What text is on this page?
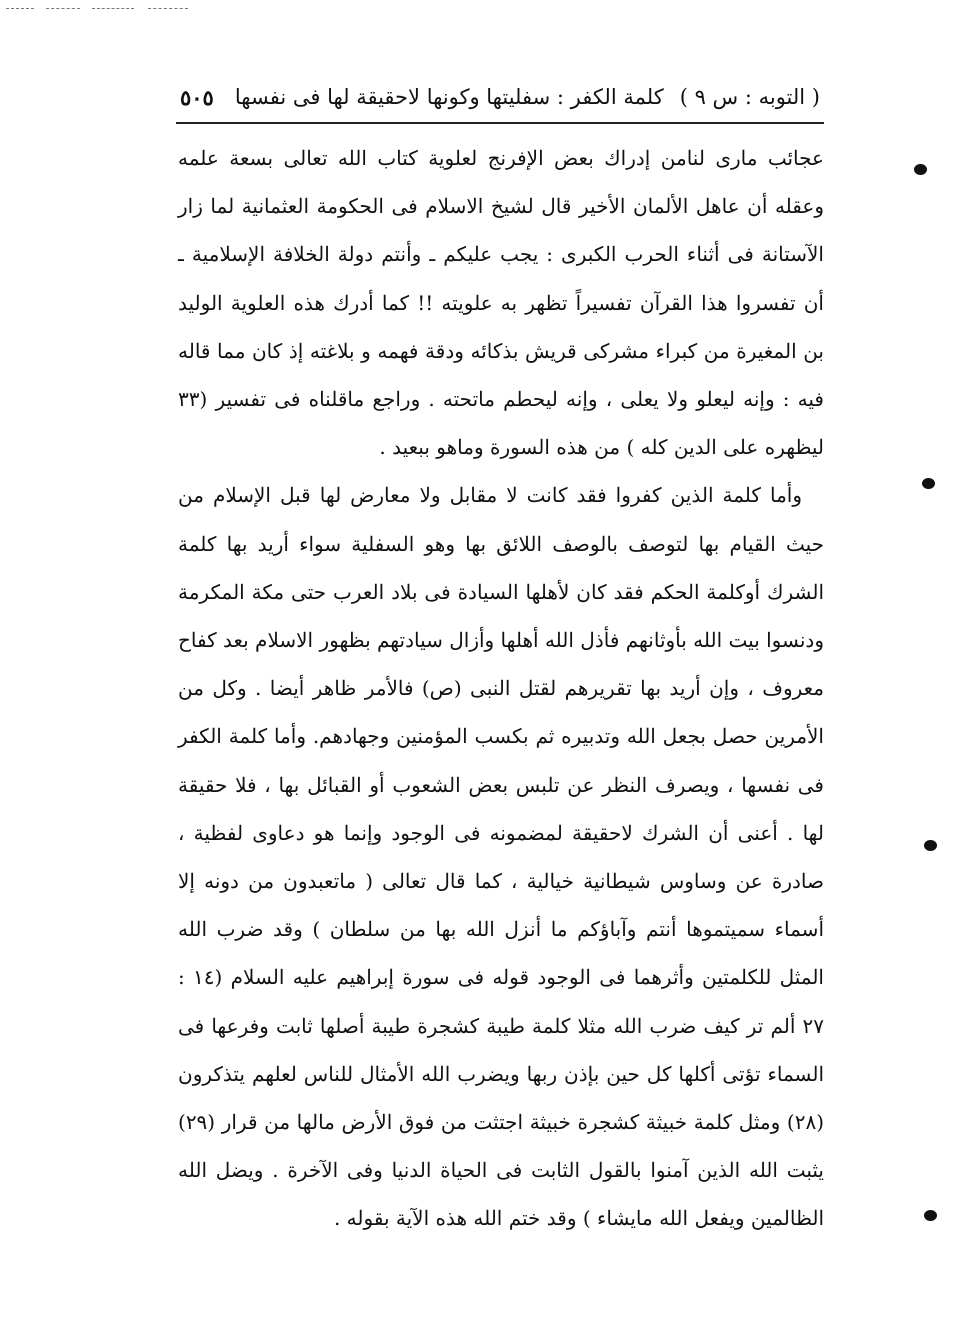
( التوبه : س ٩ )
كلمة الكفر : سفليتها وكونها لاحقيقة لها فى نفسها
٥٠٥

عجائب مارى لنامن إدراك بعض الإفرنج لعلوية كتاب الله تعالى بسعة علمه وعقله أن عاهل الألمان الأخير قال لشيخ الاسلام فى الحكومة العثمانية لما زار الآستانة فى أثناء الحرب الكبرى : يجب عليكم ـ وأنتم دولة الخلافة الإسلامية ـ أن تفسروا هذا القرآن تفسيراً تظهر به علويته !! كما أدرك هذه العلوية الوليد بن المغيرة من كبراء مشركى قريش بذكائه ودقة فهمه و بلاغته إذ كان مما قاله فيه : وإنه ليعلو ولا يعلى ، وإنه ليحطم ماتحته . وراجع ماقلناه فى تفسير (٣٣ ليظهره على الدين كله ) من هذه السورة وماهو ببعيد .

وأما كلمة الذين كفروا فقد كانت لا مقابل ولا معارض لها قبل الإسلام من حيث القيام بها لتوصف بالوصف اللائق بها وهو السفلية سواء أريد بها كلمة الشرك أوكلمة الحكم فقد كان لأهلها السيادة فى بلاد العرب حتى مكة المكرمة ودنسوا بيت الله بأوثانهم فأذل الله أهلها وأزال سيادتهم بظهور الاسلام بعد كفاح معروف ، وإن أريد بها تقريرهم لقتل النبى (ص) فالأمر ظاهر أيضا . وكل من الأمرين حصل بجعل الله وتدبيره ثم بكسب المؤمنين وجهادهم. وأما كلمة الكفر فى نفسها ، ويصرف النظر عن تلبس بعض الشعوب أو القبائل بها ، فلا حقيقة لها . أعنى أن الشرك لاحقيقة لمضمونه فى الوجود وإنما هو دعاوى لفظية ، صادرة عن وساوس شيطانية خيالية ، كما قال تعالى ( ماتعبدون من دونه إلا أسماء سميتموها أنتم وآباؤكم ما أنزل الله بها من سلطان ) وقد ضرب الله المثل للكلمتين وأثرهما فى الوجود قوله فى سورة إبراهيم عليه السلام (١٤ : ٢٧ ألم تر كيف ضرب الله مثلا كلمة طيبة كشجرة طيبة أصلها ثابت وفرعها فى السماء تؤتى أكلها كل حين بإذن ربها ويضرب الله الأمثال للناس لعلهم يتذكرون (٢٨) ومثل كلمة خبيثة كشجرة خبيثة اجتثت من فوق الأرض مالها من قرار (٢٩) يثبت الله الذين آمنوا بالقول الثابت فى الحياة الدنيا وفى الآخرة . ويضل الله الظالمين ويفعل الله مايشاء ) وقد ختم الله هذه الآية بقوله .
